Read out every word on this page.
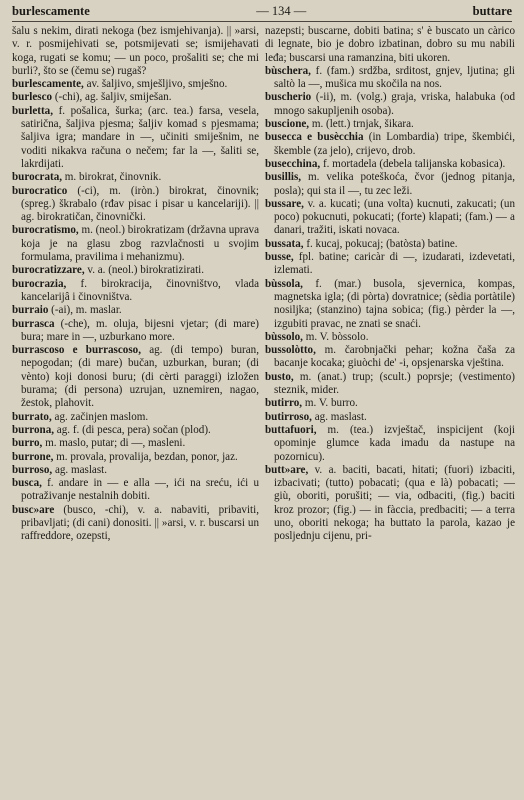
burlescamente	— 134 —	buttare
šalu s nekim, dirati nekoga (bez ismjehivanja). || »arsi, v. r. posmijehivati se, potsmijevati se; ismijehavati koga, rugati se komu; — un poco, prošaliti se; che mi burli?, što se (čemu se) rugaš?
burlescamente, av. šaljivo, smješljivo, smješno.
burlesco (-chi), ag. šaljiv, smiješan.
burletta, f. pošalica, šurka; (arc. tea.) farsa, vesela, satirična, šaljiva pjesma; šaljiv komad s pjesmama; šaljiva igra; mandare in —, učiniti smiješnim, ne voditi nikakva računa o nečem; far la —, šaliti se, lakrdijati.
burocrata, m. birokrat, činovnik.
burocratico (-ci), m. (iròn.) birokrat, činovnik; (spreg.) škrabalo (rđav pisac i pisar u kancelariji). || ag. birokratičan, činovnički.
burocratismo, m. (neol.) birokratizam (državna uprava koja je na glasu zbog razvlačnosti u svojim formulama, pravilima i mehanizmu).
burocratizzare, v. a. (neol.) birokratizirati.
burocrazia, f. birokracija, činovništvo, vlada kancelarijâ i činovništva.
burraio (-ai), m. maslar.
burrasca (-che), m. oluja, bijesni vjetar; (di mare) bura; mare in —, uzburkano more.
burrascoso e burrascoso, ag. (di tempo) buran, nepogodan; (di mare) bučan, uzburkan, buran; (di vènto) koji donosi buru; (di cèrti paraggi) izložen burama; (di persona) uzrujan, uznemiren, nagao, žestok, plahovit.
burrato, ag. začinjen maslom.
burrona, ag. f. (di pesca, pera) sočan (plod).
burro, m. maslo, putar; di —, masleni.
burrone, m. provala, provalija, bezdan, ponor, jaz.
burroso, ag. maslast.
busca, f. andare in — e alla —, ići na sreću, ići u potraživanje nestalnih dobiti.
busc»are (busco, -chi), v. a. nabaviti, pribaviti, pribavljati; (di cani) donositi. || »arsi, v. r. buscarsi un raffreddore, ozepsti,
nazepsti; buscarne, dobiti batina; s' è buscato un càrico di legnate, bio je dobro izbatinan, dobro su mu nabili leđa; buscarsi una ramanzina, biti ukoren.
bùschera, f. (fam.) srdžba, srditost, gnjev, ljutina; gli saltò la —, mušica mu skočila na nos.
buscherio (-ii), m. (volg.) graja, vriska, halabuka (od mnogo sakupljenih osoba).
buscione, m. (lett.) trnjak, šikara.
busecca e busècchia (in Lombardia) tripe, škembići, škemble (za jelo), crijevo, drob.
busecchina, f. mortadela (debela talijanska kobasica).
busillis, m. velika poteškoća, čvor (jednog pitanja, posla); qui sta il —, tu zec leži.
bussare, v. a. kucati; (una volta) kucnuti, zakucati; (un poco) pokucnuti, pokucati; (forte) klapati; (fam.) — a danari, tražiti, iskati novaca.
bussata, f. kucaj, pokucaj; (batòsta) batine.
busse, fpl. batine; caricàr di —, izudarati, izdevetati, izlemati.
bùssola, f. (mar.) busola, sjevernica, kompas, magnetska igla; (di pòrta) dovratnice; (sèdia portàtile) nosiljka; (stanzino) tajna sobica; (fig.) pèrder la —, izgubiti pravac, ne znati se snaći.
bùssolo, m. V. bòssolo.
bussolòtto, m. čarobnjački pehar; kožna čaša za bacanje kocaka; giuòchi de' -i, opsjenarska vještina.
busto, m. (anat.) trup; (scult.) poprsje; (vestimento) steznik, mider.
butirro, m. V. burro.
butirroso, ag. maslast.
buttafuori, m. (tea.) izvještač, inspicijent (koji opominje glumce kada imadu da nastupe na pozornicu).
butt»are, v. a. baciti, bacati, hitati; (fuori) izbaciti, izbacivati; (tutto) pobacati; (qua e là) pobacati; — giù, oboriti, porušiti; — via, odbaciti, (fig.) baciti kroz prozor; (fig.) — in fàccia, predbaciti; — a terra uno, oboriti nekoga; ha buttato la parola, kazao je posljednju cijenu, pri-
